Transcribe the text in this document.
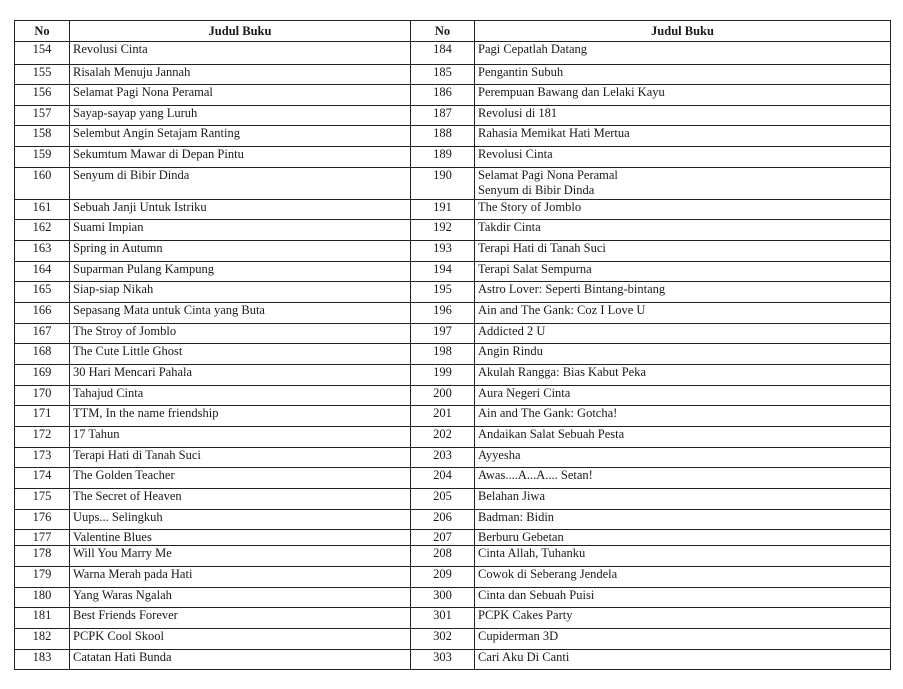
No	Judul Buku	No	Judul Buku
154	Revolusi Cinta	184	Pagi Cepatlah Datang

155	Risalah Menuju Jannah	185	Pengantin Subuh

156	Selamat Pagi Nona Peramal	186	Perempuan Bawang dan Lelaki Kayu

157	Sayap-sayap yang Luruh	187	Revolusi di 181

158	Selembut Angin Setajam Ranting	188	Rahasia Memikat Hati Mertua

159	Sekumtum Mawar di Depan Pintu	189	Revolusi Cinta

160	Senyum di Bibir Dinda	190	Selamat Pagi Nona Peramal
Senyum di Bibir Dinda

161	Sebuah Janji Untuk Istriku	191	The Story of Jomblo

162	Suami Impian	192	Takdir Cinta

163	Spring in Autumn	193	Terapi Hati di Tanah Suci

164	Suparman Pulang Kampung	194	Terapi Salat Sempurna

165	Siap-siap Nikah	195	Astro Lover: Seperti Bintang-bintang

166	Sepasang Mata untuk Cinta yang Buta	196	Ain and The Gank: Coz I Love U

167	The Stroy of Jomblo	197	Addicted 2 U

168	The Cute Little Ghost	198	Angin Rindu

169	30 Hari Mencari Pahala	199	Akulah Rangga: Bias Kabut Peka

170	Tahajud Cinta	200	Aura Negeri Cinta

171	TTM, In the name friendship	201	Ain and The Gank: Gotcha!

172	17 Tahun	202	Andaikan Salat Sebuah Pesta

173	Terapi Hati di Tanah Suci	203	Ayyesha

174	The Golden Teacher	204	Awas....A...A.... Setan!

175	The Secret of Heaven	205	Belahan Jiwa

176	Uups... Selingkuh	206	Badman: Bidin

177	Valentine Blues	207	Berburu Gebetan

178	Will You Marry Me	208	Cinta Allah, Tuhanku

179	Warna Merah pada Hati	209	Cowok di Seberang Jendela

180	Yang Waras Ngalah	300	Cinta dan Sebuah Puisi

181	Best Friends Forever	301	PCPK Cakes Party

182	PCPK Cool Skool	302	Cupiderman 3D

183	Catatan Hati Bunda	303	Cari Aku Di Canti
